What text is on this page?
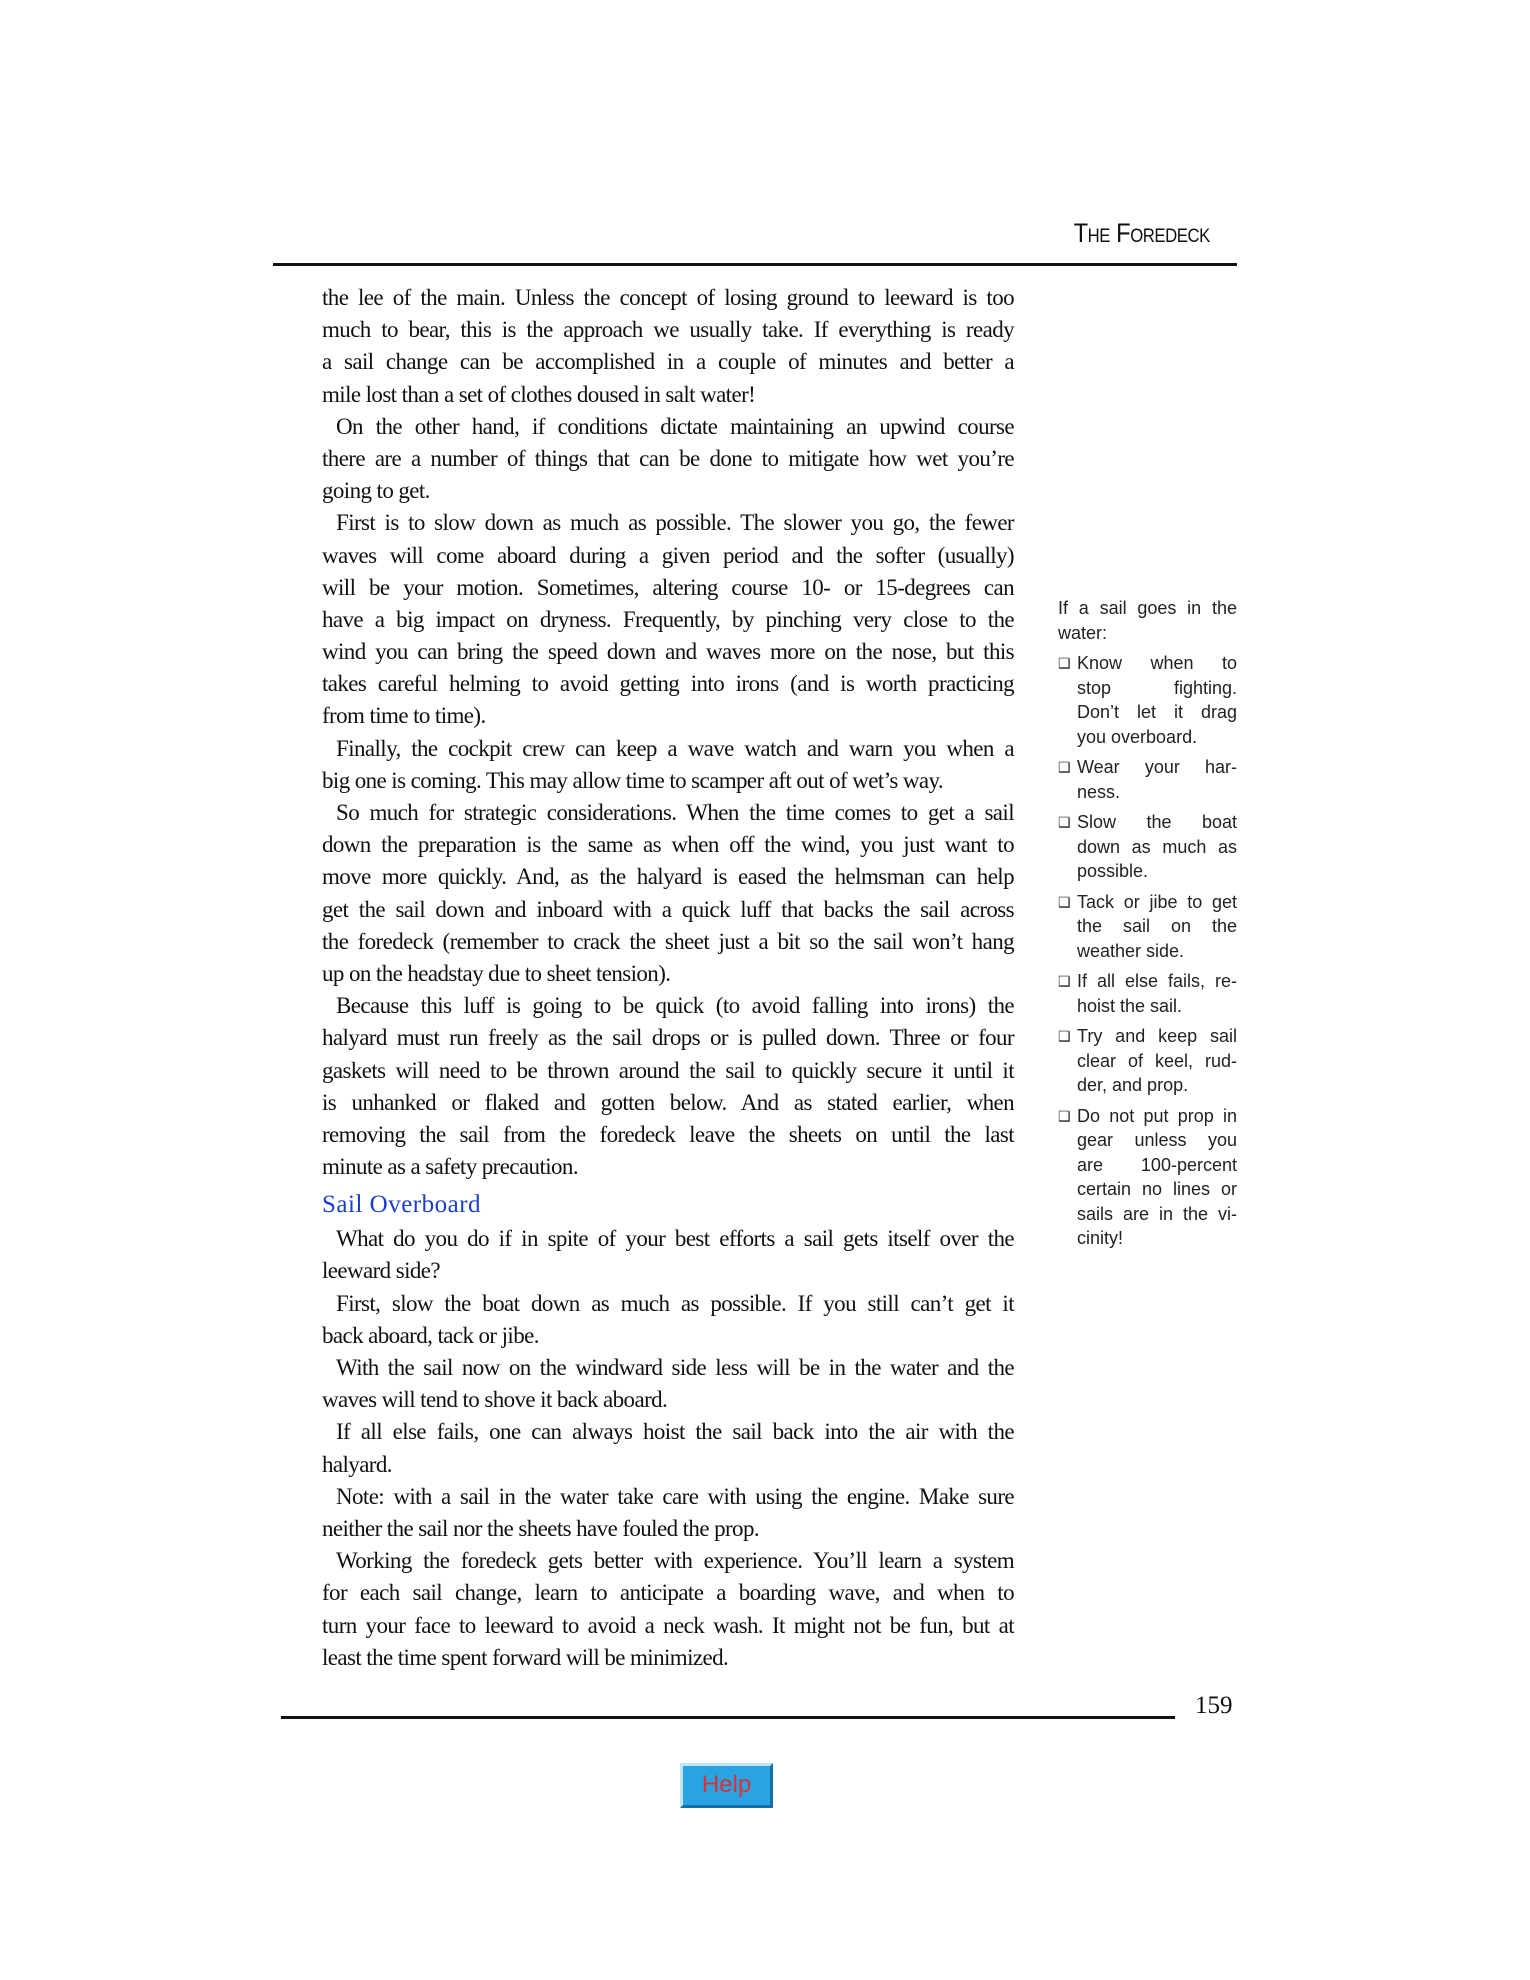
The Foredeck
the lee of the main. Unless the concept of losing ground to leeward is too
much to bear, this is the approach we usually take. If everything is ready
a sail change can be accomplished in a couple of minutes and better a
mile lost than a set of clothes doused in salt water!
On the other hand, if conditions dictate maintaining an upwind course
there are a number of things that can be done to mitigate how wet you’re
going to get.
First is to slow down as much as possible. The slower you go, the fewer
waves will come aboard during a given period and the softer (usually)
will be your motion. Sometimes, altering course 10- or 15-degrees can
have a big impact on dryness. Frequently, by pinching very close to the
wind you can bring the speed down and waves more on the nose, but this
takes careful helming to avoid getting into irons (and is worth practicing
from time to time).
Finally, the cockpit crew can keep a wave watch and warn you when a
big one is coming. This may allow time to scamper aft out of wet’s way.
So much for strategic considerations. When the time comes to get a sail
down the preparation is the same as when off the wind, you just want to
move more quickly. And, as the halyard is eased the helmsman can help
get the sail down and inboard with a quick luff that backs the sail across
the foredeck (remember to crack the sheet just a bit so the sail won’t hang
up on the headstay due to sheet tension).
Because this luff is going to be quick (to avoid falling into irons) the
halyard must run freely as the sail drops or is pulled down. Three or four
gaskets will need to be thrown around the sail to quickly secure it until it
is unhanked or flaked and gotten below. And as stated earlier, when
removing the sail from the foredeck leave the sheets on until the last
minute as a safety precaution.
Sail Overboard
What do you do if in spite of your best efforts a sail gets itself over the
leeward side?
First, slow the boat down as much as possible. If you still can’t get it
back aboard, tack or jibe.
With the sail now on the windward side less will be in the water and the
waves will tend to shove it back aboard.
If all else fails, one can always hoist the sail back into the air with the
halyard.
Note: with a sail in the water take care with using the engine. Make sure
neither the sail nor the sheets have fouled the prop.
Working the foredeck gets better with experience. You’ll learn a system
for each sail change, learn to anticipate a boarding wave, and when to
turn your face to leeward to avoid a neck wash. It might not be fun, but at
least the time spent forward will be minimized.
If a sail goes in the
water:
❑ Know when to
stop fighting.
Don’t let it drag
you overboard.
❑ Wear your har-
ness.
❑ Slow the boat
down as much as
possible.
❑ Tack or jibe to get
the sail on the
weather side.
❑ If all else fails, re-
hoist the sail.
❑ Try and keep sail
clear of keel, rud-
der, and prop.
❑ Do not put prop in
gear unless you
are 100-percent
certain no lines or
sails are in the vi-
cinity!
159
Help
